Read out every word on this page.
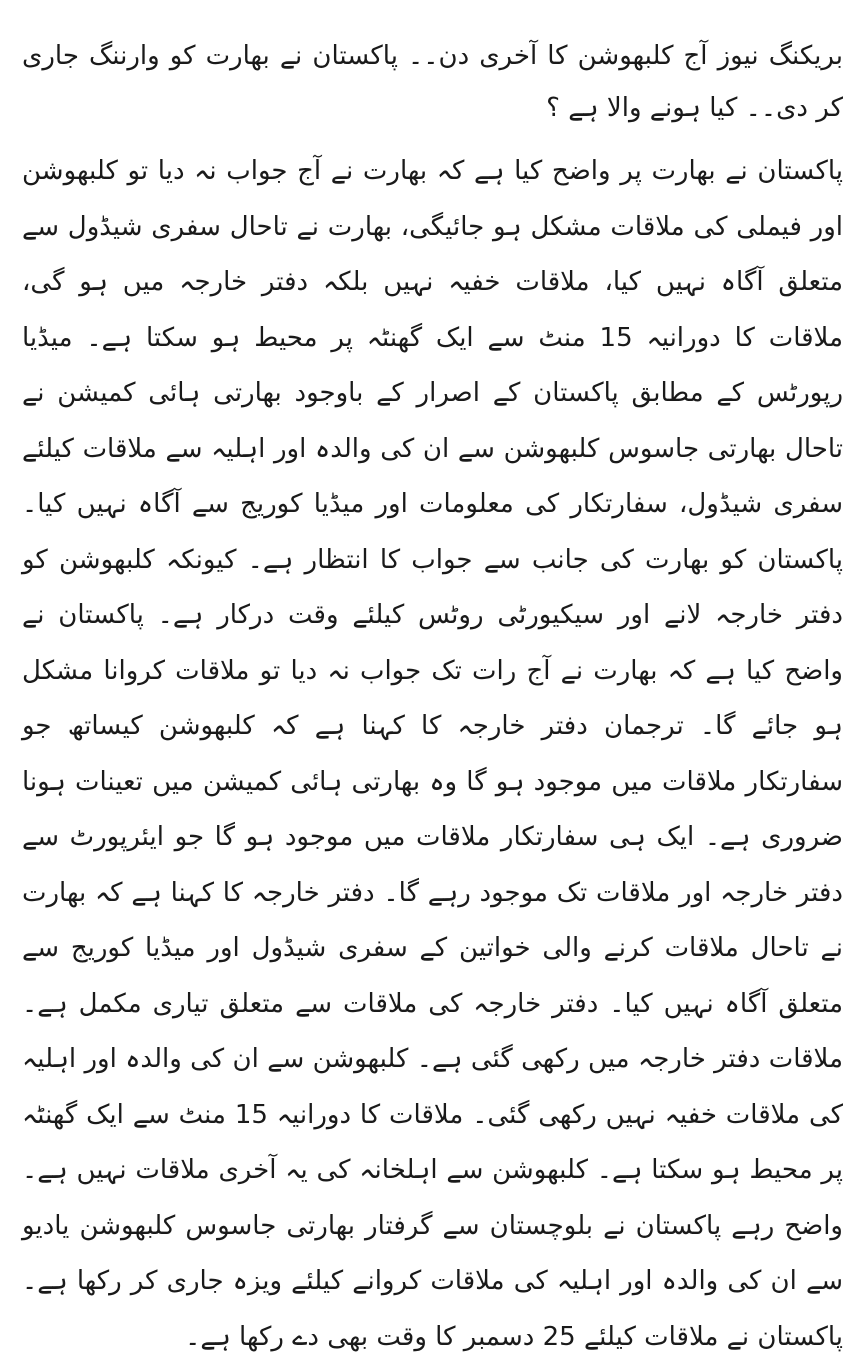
بریکنگ نیوز آج کلبھوشن کا آخری دن۔۔ پاکستان نے بھارت کو وارننگ جاری کر دی۔۔ کیا ہونے والا ہے ؟

پاکستان نے بھارت پر واضح کیا ہے کہ بھارت نے آج جواب نہ دیا تو کلبھوشن اور فیملی کی ملاقات مشکل ہو جائیگی، بھارت نے تاحال سفری شیڈول سے متعلق آگاہ نہیں کیا، ملاقات خفیہ نہیں بلکہ دفتر خارجہ میں ہو گی، ملاقات کا دورانیہ 15 منٹ سے ایک گھنٹہ پر محیط ہو سکتا ہے۔ میڈیا رپورٹس کے مطابق پاکستان کے اصرار کے باوجود بھارتی ہائی کمیشن نے تاحال بھارتی جاسوس کلبھوشن سے ان کی والدہ اور اہلیہ سے ملاقات کیلئے سفری شیڈول، سفارتکار کی معلومات اور میڈیا کوریج سے آگاہ نہیں کیا۔ پاکستان کو بھارت کی جانب سے جواب کا انتظار ہے۔ کیونکہ کلبھوشن کو دفتر خارجہ لانے اور سیکیورٹی روٹس کیلئے وقت درکار ہے۔ پاکستان نے واضح کیا ہے کہ بھارت نے آج رات تک جواب نہ دیا تو ملاقات کروانا مشکل ہو جائے گا۔ ترجمان دفتر خارجہ کا کہنا ہے کہ کلبھوشن کیساتھ جو سفارتکار ملاقات میں موجود ہو گا وہ بھارتی ہائی کمیشن میں تعینات ہونا ضروری ہے۔ ایک ہی سفارتکار ملاقات میں موجود ہو گا جو ایئرپورٹ سے دفتر خارجہ اور ملاقات تک موجود رہے گا۔ دفتر خارجہ کا کہنا ہے کہ بھارت نے تاحال ملاقات کرنے والی خواتین کے سفری شیڈول اور میڈیا کوریج سے متعلق آگاہ نہیں کیا۔ دفتر خارجہ کی ملاقات سے متعلق تیاری مکمل ہے۔ ملاقات دفتر خارجہ میں رکھی گئی ہے۔ کلبھوشن سے ان کی والدہ اور اہلیہ کی ملاقات خفیہ نہیں رکھی گئی۔ ملاقات کا دورانیہ 15 منٹ سے ایک گھنٹہ پر محیط ہو سکتا ہے۔ کلبھوشن سے اہلخانہ کی یہ آخری ملاقات نہیں ہے۔ واضح رہے پاکستان نے بلوچستان سے گرفتار بھارتی جاسوس کلبھوشن یادیو سے ان کی والدہ اور اہلیہ کی ملاقات کروانے کیلئے ویزہ جاری کر رکھا ہے۔ پاکستان نے ملاقات کیلئے 25 دسمبر کا وقت بھی دے رکھا ہے۔
